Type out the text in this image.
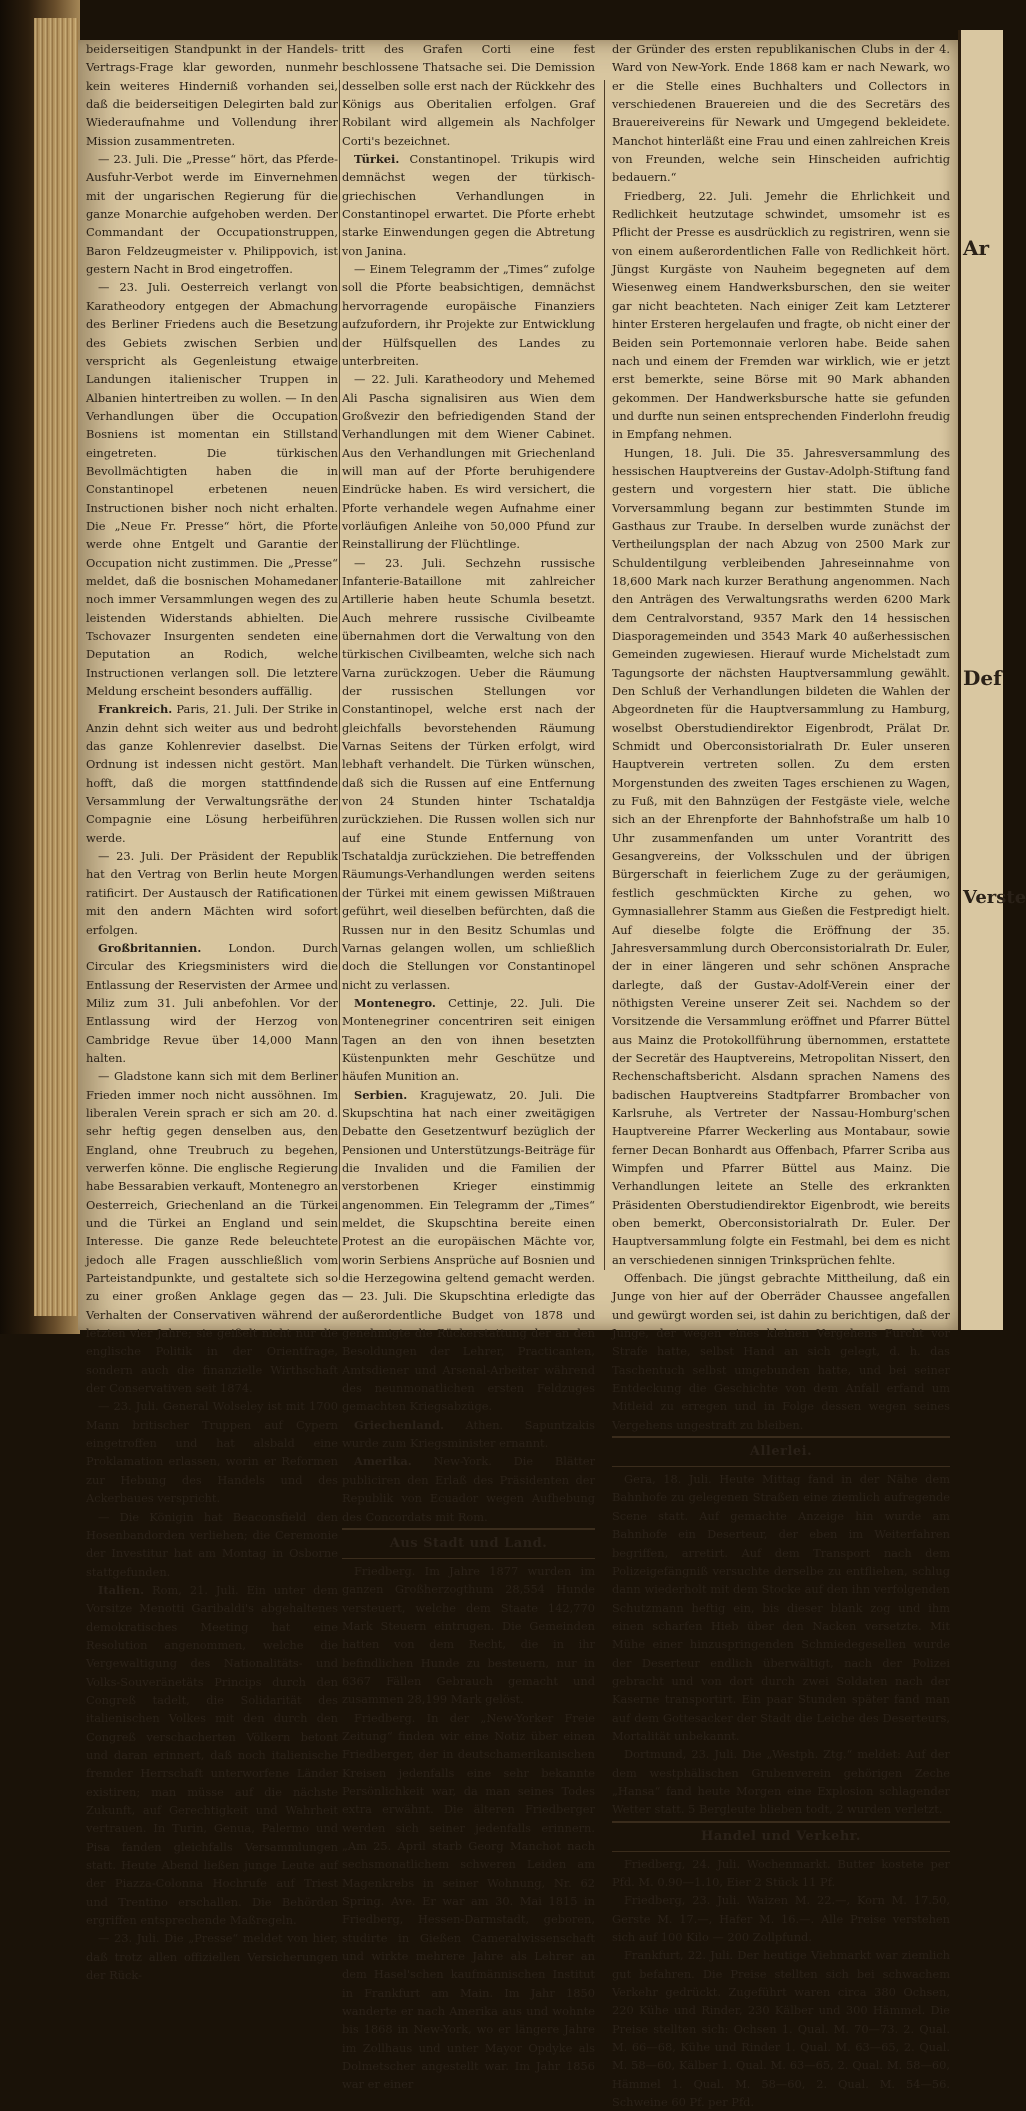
beiderseitigen Standpunkt in der Handels-Vertrags-Frage klar geworden, nunmehr kein weiteres Hinderniß vorhanden sei, daß die beiderseitigen Delegirten bald zur Wiederaufnahme und Vollendung ihrer Mission zusammentreten.

— 23. Juli. Die „Presse“ hört, das Pferde-Ausfuhr-Verbot werde im Einvernehmen mit der ungarischen Regierung für die ganze Monarchie aufgehoben werden. Der Commandant der Occupationstruppen, Baron Feldzeugmeister v. Philippovich, ist gestern Nacht in Brod eingetroffen.

— 23. Juli. Oesterreich verlangt von Karatheodory entgegen der Abmachung des Berliner Friedens auch die Besetzung des Gebiets zwischen Serbien und verspricht als Gegenleistung etwaige Landungen italienischer Truppen in Albanien hintertreiben zu wollen. — In den Verhandlungen über die Occupation Bosniens ist momentan ein Stillstand eingetreten. Die türkischen Bevollmächtigten haben die in Constantinopel erbetenen neuen Instructionen bisher noch nicht erhalten. Die „Neue Fr. Presse“ hört, die Pforte werde ohne Entgelt und Garantie der Occupation nicht zustimmen. Die „Presse“ meldet, daß die bosnischen Mohamedaner noch immer Versammlungen wegen des zu leistenden Widerstands abhielten. Die Tschovazer Insurgenten sendeten eine Deputation an Rodich, welche Instructionen verlangen soll. Die letztere Meldung erscheint besonders auffällig.

Frankreich. Paris, 21. Juli. Der Strike in Anzin dehnt sich weiter aus und bedroht das ganze Kohlenrevier daselbst. Die Ordnung ist indessen nicht gestört. Man hofft, daß die morgen stattfindende Versammlung der Verwaltungsräthe der Compagnie eine Lösung herbeiführen werde.

— 23. Juli. Der Präsident der Republik hat den Vertrag von Berlin heute Morgen ratificirt. Der Austausch der Ratificationen mit den andern Mächten wird sofort erfolgen.

Großbritannien. London. Durch Circular des Kriegsministers wird die Entlassung der Reservisten der Armee und Miliz zum 31. Juli anbefohlen. Vor der Entlassung wird der Herzog von Cambridge Revue über 14,000 Mann halten.

— Gladstone kann sich mit dem Berliner Frieden immer noch nicht aussöhnen. Im liberalen Verein sprach er sich am 20. d. sehr heftig gegen denselben aus, den England, ohne Treubruch zu begehen, verwerfen könne. Die englische Regierung habe Bessarabien verkauft, Montenegro an Oesterreich, Griechenland an die Türkei und die Türkei an England und sein Interesse. Die ganze Rede beleuchtete jedoch alle Fragen ausschließlich vom Parteistandpunkte, und gestaltete sich so zu einer großen Anklage gegen das Verhalten der Conservativen während der letzten vier Jahre; sie geißelt nicht nur die englische Politik in der Orientfrage, sondern auch die finanzielle Wirthschaft der Conservativen seit 1874.

— 23. Juli. General Wolseley ist mit 1700 Mann britischer Truppen auf Cypern eingetroffen und hat alsbald eine Proklamation erlassen, worin er Reformen zur Hebung des Handels und des Ackerbaues verspricht.

— Die Königin hat Beaconsfield den Hosenbandorden verliehen; die Ceremonie der Investitur hat am Montag in Osborne stattgefunden.

Italien. Rom, 21. Juli. Ein unter dem Vorsitze Menotti Garibaldi's abgehaltenes demokratisches Meeting hat eine Resolution angenommen, welche die Vergewaltigung des Nationalitäts- und Volks-Souveränetäts Princips durch den Congreß tadelt, die Solidarität des italienischen Volkes mit den durch den Congreß verschacherten Völkern betont und daran erinnert, daß noch italienische fremder Herrschaft unterworfene Länder existiren; man müsse auf die nächste Zukunft, auf Gerechtigkeit und Wahrheit vertrauen. In Turin, Genua, Palermo und Pisa fanden gleichfalls Versammlungen statt. Heute Abend ließen junge Leute auf der Piazza-Colonna Hochrufe auf Triest und Trentino erschallen. Die Behörden ergriffen entsprechende Maßregeln.

— 23. Juli. Die „Presse“ meldet von hier, daß trotz allen offiziellen Versicherungen der Rück-

tritt des Grafen Corti eine fest beschlossene Thatsache sei. Die Demission desselben solle erst nach der Rückkehr des Königs aus Oberitalien erfolgen. Graf Robilant wird allgemein als Nachfolger Corti's bezeichnet.

Türkei. Constantinopel. Trikupis wird demnächst wegen der türkisch-griechischen Verhandlungen in Constantinopel erwartet. Die Pforte erhebt starke Einwendungen gegen die Abtretung von Janina.

— Einem Telegramm der „Times“ zufolge soll die Pforte beabsichtigen, demnächst hervorragende europäische Finanziers aufzufordern, ihr Projekte zur Entwicklung der Hülfsquellen des Landes zu unterbreiten.

— 22. Juli. Karatheodory und Mehemed Ali Pascha signalisiren aus Wien dem Großvezir den befriedigenden Stand der Verhandlungen mit dem Wiener Cabinet. Aus den Verhandlungen mit Griechenland will man auf der Pforte beruhigendere Eindrücke haben. Es wird versichert, die Pforte verhandele wegen Aufnahme einer vorläufigen Anleihe von 50,000 Pfund zur Reinstallirung der Flüchtlinge.

— 23. Juli. Sechzehn russische Infanterie-Bataillone mit zahlreicher Artillerie haben heute Schumla besetzt. Auch mehrere russische Civilbeamte übernahmen dort die Verwaltung von den türkischen Civilbeamten, welche sich nach Varna zurückzogen. Ueber die Räumung der russischen Stellungen vor Constantinopel, welche erst nach der gleichfalls bevorstehenden Räumung Varnas Seitens der Türken erfolgt, wird lebhaft verhandelt. Die Türken wünschen, daß sich die Russen auf eine Entfernung von 24 Stunden hinter Tschataldja zurückziehen. Die Russen wollen sich nur auf eine Stunde Entfernung von Tschataldja zurückziehen. Die betreffenden Räumungs-Verhandlungen werden seitens der Türkei mit einem gewissen Mißtrauen geführt, weil dieselben befürchten, daß die Russen nur in den Besitz Schumlas und Varnas gelangen wollen, um schließlich doch die Stellungen vor Constantinopel nicht zu verlassen.

Montenegro. Cettinje, 22. Juli. Die Montenegriner concentriren seit einigen Tagen an den von ihnen besetzten Küstenpunkten mehr Geschütze und häufen Munition an.

Serbien. Kragujewatz, 20. Juli. Die Skupschtina hat nach einer zweitägigen Debatte den Gesetzentwurf bezüglich der Pensionen und Unterstützungs-Beiträge für die Invaliden und die Familien der verstorbenen Krieger einstimmig angenommen. Ein Telegramm der „Times“ meldet, die Skupschtina bereite einen Protest an die europäischen Mächte vor, worin Serbiens Ansprüche auf Bosnien und die Herzegowina geltend gemacht werden. — 23. Juli. Die Skupschtina erledigte das außerordentliche Budget von 1878 und genehmigte die Rückerstattung der an den Besoldungen der Lehrer, Practicanten, Amtsdiener und Arsenal-Arbeiter während des neunmonatlichen ersten Feldzuges gemachten Kriegsabzüge.

Griechenland. Athen. Sapuntzakis wurde zum Kriegsminister ernannt.

Amerika. New-York. Die Blätter publiciren den Erlaß des Präsidenten der Republik von Ecuador wegen Aufhebung des Concordats mit Rom.

Aus Stadt und Land.

Friedberg. Im Jahre 1877 wurden im ganzen Großherzogthum 28,554 Hunde versteuert, welche dem Staate 142,770 Mark Steuern eintrugen. Die Gemeinden hatten von dem Recht, die in ihr befindlichen Hunde zu besteuern, nur in 6367 Fällen Gebrauch gemacht und zusammen 28,199 Mark gelöst.

Friedberg. In der „New-Yorker Freie Zeitung“ finden wir eine Notiz über einen Friedberger, der in deutschamerikanischen Kreisen jedenfalls eine sehr bekannte Persönlichkeit war, da man seines Todes extra erwähnt. Die älteren Friedberger werden sich seiner jedenfalls erinnern. „Am 25. April starb Georg Manchot nach sechsmonatlichem schweren Leiden am Magenkrebs in seiner Wohnung, Nr. 62 Spring. Ave. Er war am 30. Mai 1815 in Friedberg, Hessen-Darmstadt, geboren, studirte in Gießen Cameralwissenschaft und wirkte mehrere Jahre als Lehrer an dem Hasel'schen kaufmännischen Institut in Frankfurt am Main. Im Jahr 1850 wanderte er nach Amerika aus und wohnte bis 1868 in New-York, wo er längere Jahre im Zollhaus und unter Mayor Opdyke als Dolmetscher angestellt war. Im Jahr 1856 war er einer

der Gründer des ersten republikanischen Clubs in der 4. Ward von New-York. Ende 1868 kam er nach Newark, wo er die Stelle eines Buchhalters und Collectors in verschiedenen Brauereien und die des Secretärs des Brauereivereins für Newark und Umgegend bekleidete. Manchot hinterläßt eine Frau und einen zahlreichen Kreis von Freunden, welche sein Hinscheiden aufrichtig bedauern.“

Friedberg, 22. Juli. Jemehr die Ehrlichkeit und Redlichkeit heutzutage schwindet, umsomehr ist es Pflicht der Presse es ausdrücklich zu registriren, wenn sie von einem außerordentlichen Falle von Redlichkeit hört. Jüngst Kurgäste von Nauheim begegneten auf dem Wiesenweg einem Handwerksburschen, den sie weiter gar nicht beachteten. Nach einiger Zeit kam Letzterer hinter Ersteren hergelaufen und fragte, ob nicht einer der Beiden sein Portemonnaie verloren habe. Beide sahen nach und einem der Fremden war wirklich, wie er jetzt erst bemerkte, seine Börse mit 90 Mark abhanden gekommen. Der Handwerksbursche hatte sie gefunden und durfte nun seinen entsprechenden Finderlohn freudig in Empfang nehmen.

Hungen, 18. Juli. Die 35. Jahresversammlung des hessischen Hauptvereins der Gustav-Adolph-Stiftung fand gestern und vorgestern hier statt. Die übliche Vorversammlung begann zur bestimmten Stunde im Gasthaus zur Traube. In derselben wurde zunächst der Vertheilungsplan der nach Abzug von 2500 Mark zur Schuldentilgung verbleibenden Jahreseinnahme von 18,600 Mark nach kurzer Berathung angenommen. Nach den Anträgen des Verwaltungsraths werden 6200 Mark dem Centralvorstand, 9357 Mark den 14 hessischen Diasporagemeinden und 3543 Mark 40 außerhessischen Gemeinden zugewiesen. Hierauf wurde Michelstadt zum Tagungsorte der nächsten Hauptversammlung gewählt. Den Schluß der Verhandlungen bildeten die Wahlen der Abgeordneten für die Hauptversammlung zu Hamburg, woselbst Oberstudiendirektor Eigenbrodt, Prälat Dr. Schmidt und Oberconsistorialrath Dr. Euler unseren Hauptverein vertreten sollen. Zu dem ersten Morgenstunden des zweiten Tages erschienen zu Wagen, zu Fuß, mit den Bahnzügen der Festgäste viele, welche sich an der Ehrenpforte der Bahnhofstraße um halb 10 Uhr zusammenfanden um unter Vorantritt des Gesangvereins, der Volksschulen und der übrigen Bürgerschaft in feierlichem Zuge zu der geräumigen, festlich geschmückten Kirche zu gehen, wo Gymnasiallehrer Stamm aus Gießen die Festpredigt hielt. Auf dieselbe folgte die Eröffnung der 35. Jahresversammlung durch Oberconsistorialrath Dr. Euler, der in einer längeren und sehr schönen Ansprache darlegte, daß der Gustav-Adolf-Verein einer der nöthigsten Vereine unserer Zeit sei. Nachdem so der Vorsitzende die Versammlung eröffnet und Pfarrer Büttel aus Mainz die Protokollführung übernommen, erstattete der Secretär des Hauptvereins, Metropolitan Nissert, den Rechenschaftsbericht. Alsdann sprachen Namens des badischen Hauptvereins Stadtpfarrer Brombacher von Karlsruhe, als Vertreter der Nassau-Homburg'schen Hauptvereine Pfarrer Weckerling aus Montabaur, sowie ferner Decan Bonhardt aus Offenbach, Pfarrer Scriba aus Wimpfen und Pfarrer Büttel aus Mainz. Die Verhandlungen leitete an Stelle des erkrankten Präsidenten Oberstudiendirektor Eigenbrodt, wie bereits oben bemerkt, Oberconsistorialrath Dr. Euler. Der Hauptversammlung folgte ein Festmahl, bei dem es nicht an verschiedenen sinnigen Trinksprüchen fehlte.

Offenbach. Die jüngst gebrachte Mittheilung, daß ein Junge von hier auf der Oberräder Chaussee angefallen und gewürgt worden sei, ist dahin zu berichtigen, daß der Junge, der wegen eines kleinen Vergehens Furcht vor Strafe hatte, selbst Hand an sich gelegt, d. h. das Taschentuch selbst umgebunden hatte, und bei seiner Entdeckung die Geschichte von dem Anfall erfand um Mitleid zu erregen und in Folge dessen wegen seines Vergehens ungestraft zu bleiben.

Allerlei.

Gera, 18. Juli. Heute Mittag fand in der Nähe dem Bahnhofe zu gelegenen Straßen eine ziemlich aufregende Scene statt. Auf gemachte Anzeige hin wurde am Bahnhofe ein Deserteur, der eben im Weiterfahren begriffen, arretirt. Auf dem Transport nach dem Polizeigefängniß versuchte derselbe zu entfliehen, schlug dann wiederholt mit dem Stocke auf den ihn verfolgenden Schutzmann heftig ein, bis dieser blank zog und ihm einen scharfen Hieb über den Nacken versetzte. Mit Mühe einer hinzuspringenden Schmiedegesellen wurde der Deserteur endlich überwältigt, nach der Polizei gebracht und von dort durch zwei Soldaten nach der Kaserne transportirt. Ein paar Stunden später fand man auf dem Gottesacker der Stadt die Leiche des Deserteurs, Mortalität unbekannt.

Dortmund, 23. Juli. Die „Westph. Ztg.“ meldet: Auf der dem westphälischen Grubenverein gehörigen Zeche „Hansa“ fand heute Morgen eine Explosion schlagender Wetter statt. 5 Bergleute blieben todt, 2 wurden verletzt.

Handel und Verkehr.

Friedberg, 24. Juli. Wochenmarkt. Butter kostete per Pfd. M. 0.90—1.10, Eier 2 Stück 11 Pf.

Friedberg, 23. Juli. Waizen M. 22.—, Korn M. 17.50, Gerste M. 17.—, Hafer M. 16.—. Alle Preise verstehen sich auf 100 Kilo — 200 Zollpfund.

Frankfurt, 22. Juli. Der heutige Viehmarkt war ziemlich gut befahren. Die Preise stellten sich bei schwachem Verkehr gedrückt. Zugeführt waren circa 380 Ochsen, 220 Kühe und Rinder, 230 Kälber und 300 Hämmel. Die Preise stellten sich: Ochsen 1. Qual. M. 70—73. 2. Qual. M. 66—68, Kühe und Rinder 1. Qual. M. 63—65, 2. Qual. M. 58—60, Kälber 1. Qual. M. 63—65, 2. Qual. M. 58—60, Hämmel 1. Qual. M. 58—60, 2. Qual. M. 54—56. Schweine 60 Pf. per Pfd.

Ar
Def
Verste
